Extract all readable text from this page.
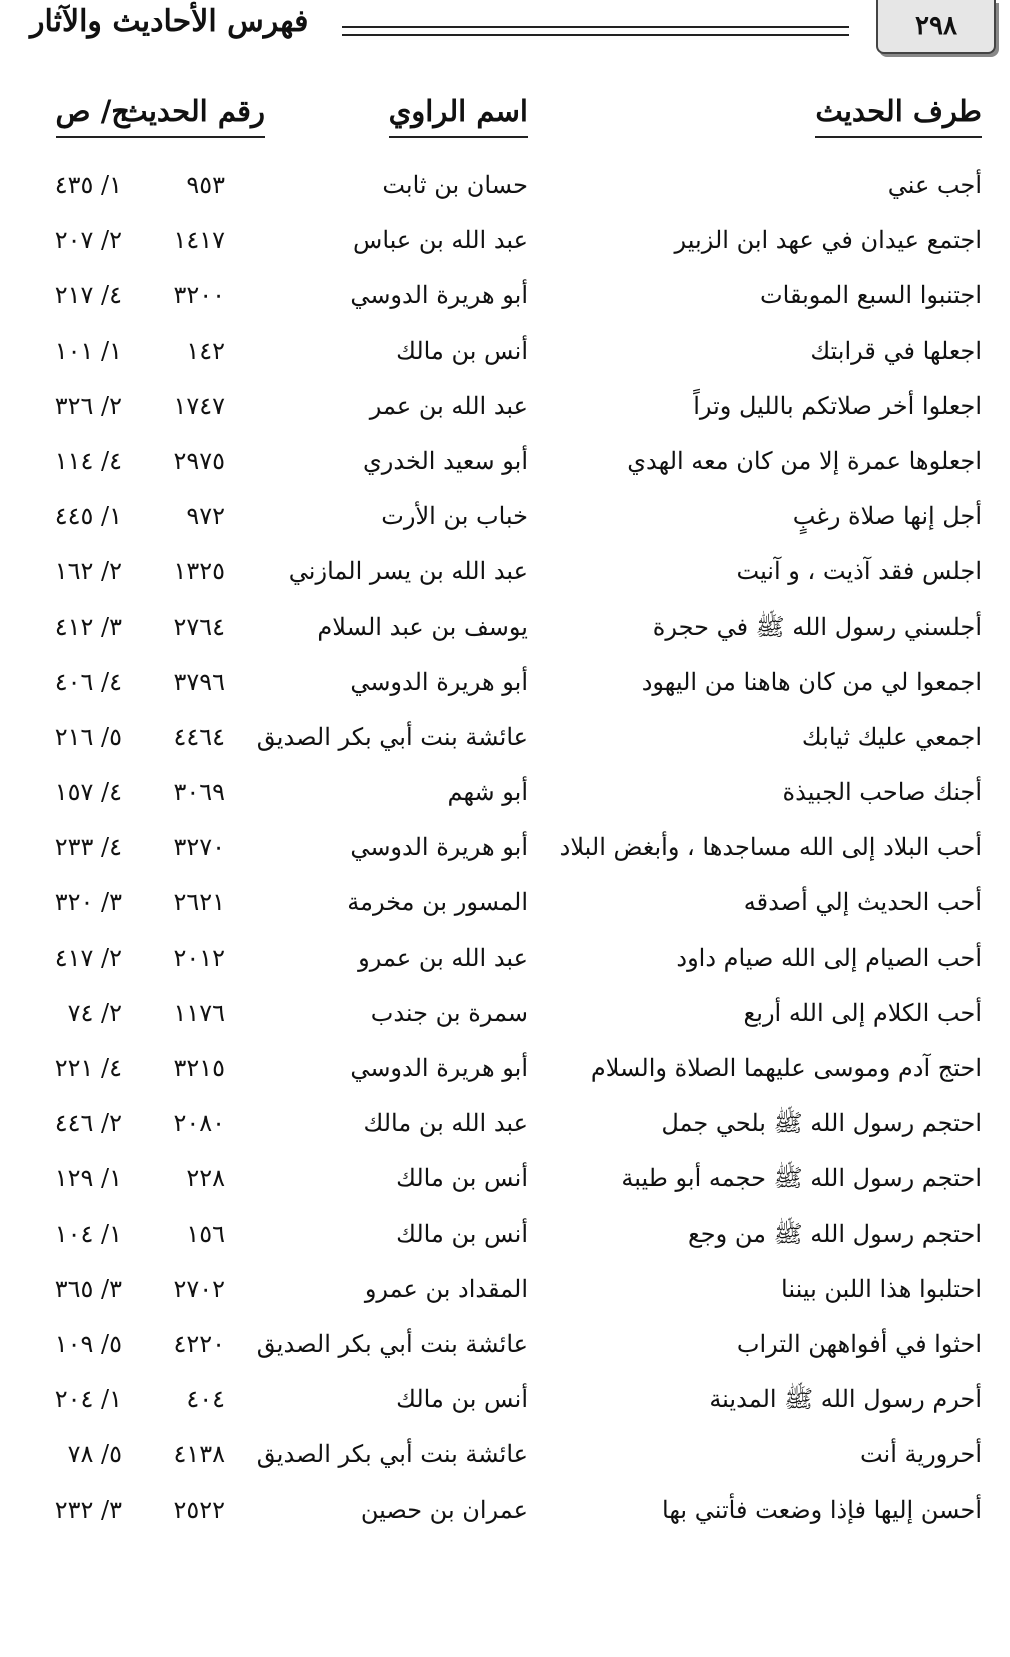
٢٩٨
فهرس الأحاديث والآثار
طرف الحديث
اسم الراوي
رقم الحديث
ج/ ص
أجب عني
حسان بن ثابت
٩٥٣
١/ ٤٣٥
اجتمع عيدان في عهد ابن الزبير
عبد الله بن عباس
١٤١٧
٢/ ٢٠٧
اجتنبوا السبع الموبقات
أبو هريرة الدوسي
٣٢٠٠
٤/ ٢١٧
اجعلها في قرابتك
أنس بن مالك
١٤٢
١/ ١٠١
اجعلوا أخر صلاتكم بالليل وتراً
عبد الله بن عمر
١٧٤٧
٢/ ٣٢٦
اجعلوها عمرة إلا من كان معه الهدي
أبو سعيد الخدري
٢٩٧٥
٤/ ١١٤
أجل إنها صلاة رغبٍ
خباب بن الأرت
٩٧٢
١/ ٤٤٥
اجلس فقد آذيت ، و آنيت
عبد الله بن يسر المازني
١٣٢٥
٢/ ١٦٢
أجلسني رسول الله ﷺ في حجرة
يوسف بن عبد السلام
٢٧٦٤
٣/ ٤١٢
اجمعوا لي من كان هاهنا من اليهود
أبو هريرة الدوسي
٣٧٩٦
٤/ ٤٠٦
اجمعي عليك ثيابك
عائشة بنت أبي بكر الصديق
٤٤٦٤
٥/ ٢١٦
أجنك صاحب الجبيذة
أبو شهم
٣٠٦٩
٤/ ١٥٧
أحب البلاد إلى الله مساجدها ، وأبغض البلاد
أبو هريرة الدوسي
٣٢٧٠
٤/ ٢٣٣
أحب الحديث إلي أصدقه
المسور بن مخرمة
٢٦٢١
٣/ ٣٢٠
أحب الصيام إلى الله صيام داود
عبد الله بن عمرو
٢٠١٢
٢/ ٤١٧
أحب الكلام إلى الله أربع
سمرة بن جندب
١١٧٦
٢/ ٧٤
احتج آدم وموسى عليهما الصلاة والسلام
أبو هريرة الدوسي
٣٢١٥
٤/ ٢٢١
احتجم رسول الله ﷺ بلحي جمل
عبد الله بن مالك
٢٠٨٠
٢/ ٤٤٦
احتجم رسول الله ﷺ حجمه أبو طيبة
أنس بن مالك
٢٢٨
١/ ١٢٩
احتجم رسول الله ﷺ من وجع
أنس بن مالك
١٥٦
١/ ١٠٤
احتلبوا هذا اللبن بيننا
المقداد بن عمرو
٢٧٠٢
٣/ ٣٦٥
احثوا في أفواههن التراب
عائشة بنت أبي بكر الصديق
٤٢٢٠
٥/ ١٠٩
أحرم رسول الله ﷺ المدينة
أنس بن مالك
٤٠٤
١/ ٢٠٤
أحرورية أنت
عائشة بنت أبي بكر الصديق
٤١٣٨
٥/ ٧٨
أحسن إليها فإذا وضعت فأتني بها
عمران بن حصين
٢٥٢٢
٣/ ٢٣٢
